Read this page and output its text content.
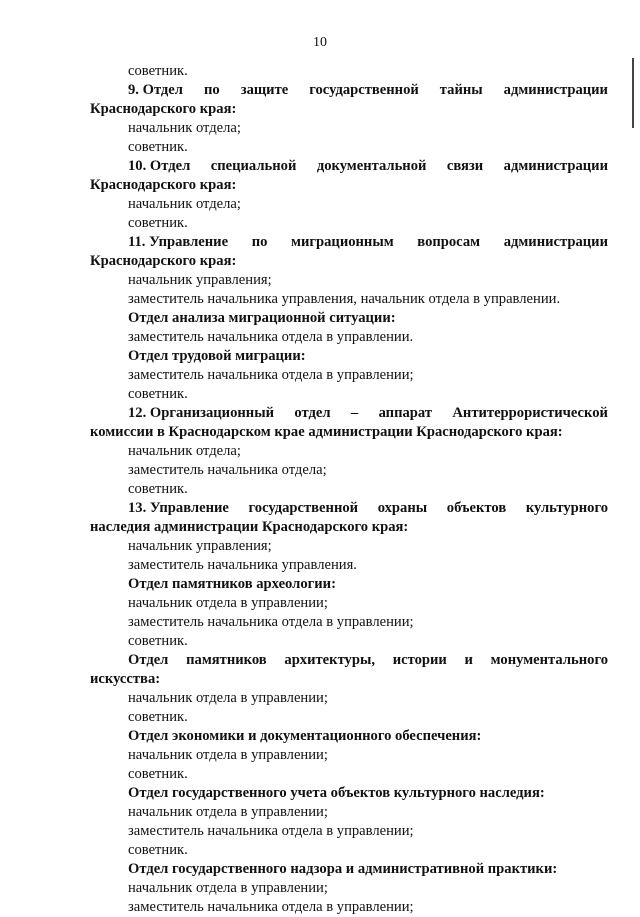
10
советник.
9. Отдел по защите государственной тайны администрации
Краснодарского края:
начальник отдела;
советник.
10. Отдел специальной документальной связи администрации
Краснодарского края:
начальник отдела;
советник.
11. Управление по миграционным вопросам администрации
Краснодарского края:
начальник управления;
заместитель начальника управления, начальник отдела в управлении.
Отдел анализа миграционной ситуации:
заместитель начальника отдела в управлении.
Отдел трудовой миграции:
заместитель начальника отдела в управлении;
советник.
12. Организационный отдел – аппарат Антитеррористической
комиссии в Краснодарском крае администрации Краснодарского края:
начальник отдела;
заместитель начальника отдела;
советник.
13. Управление государственной охраны объектов культурного
наследия администрации Краснодарского края:
начальник управления;
заместитель начальника управления.
Отдел памятников археологии:
начальник отдела в управлении;
заместитель начальника отдела в управлении;
советник.
Отдел памятников архитектуры, истории и монументального
искусства:
начальник отдела в управлении;
советник.
Отдел экономики и документационного обеспечения:
начальник отдела в управлении;
советник.
Отдел государственного учета объектов культурного наследия:
начальник отдела в управлении;
заместитель начальника отдела в управлении;
советник.
Отдел государственного надзора и административной практики:
начальник отдела в управлении;
заместитель начальника отдела в управлении;
